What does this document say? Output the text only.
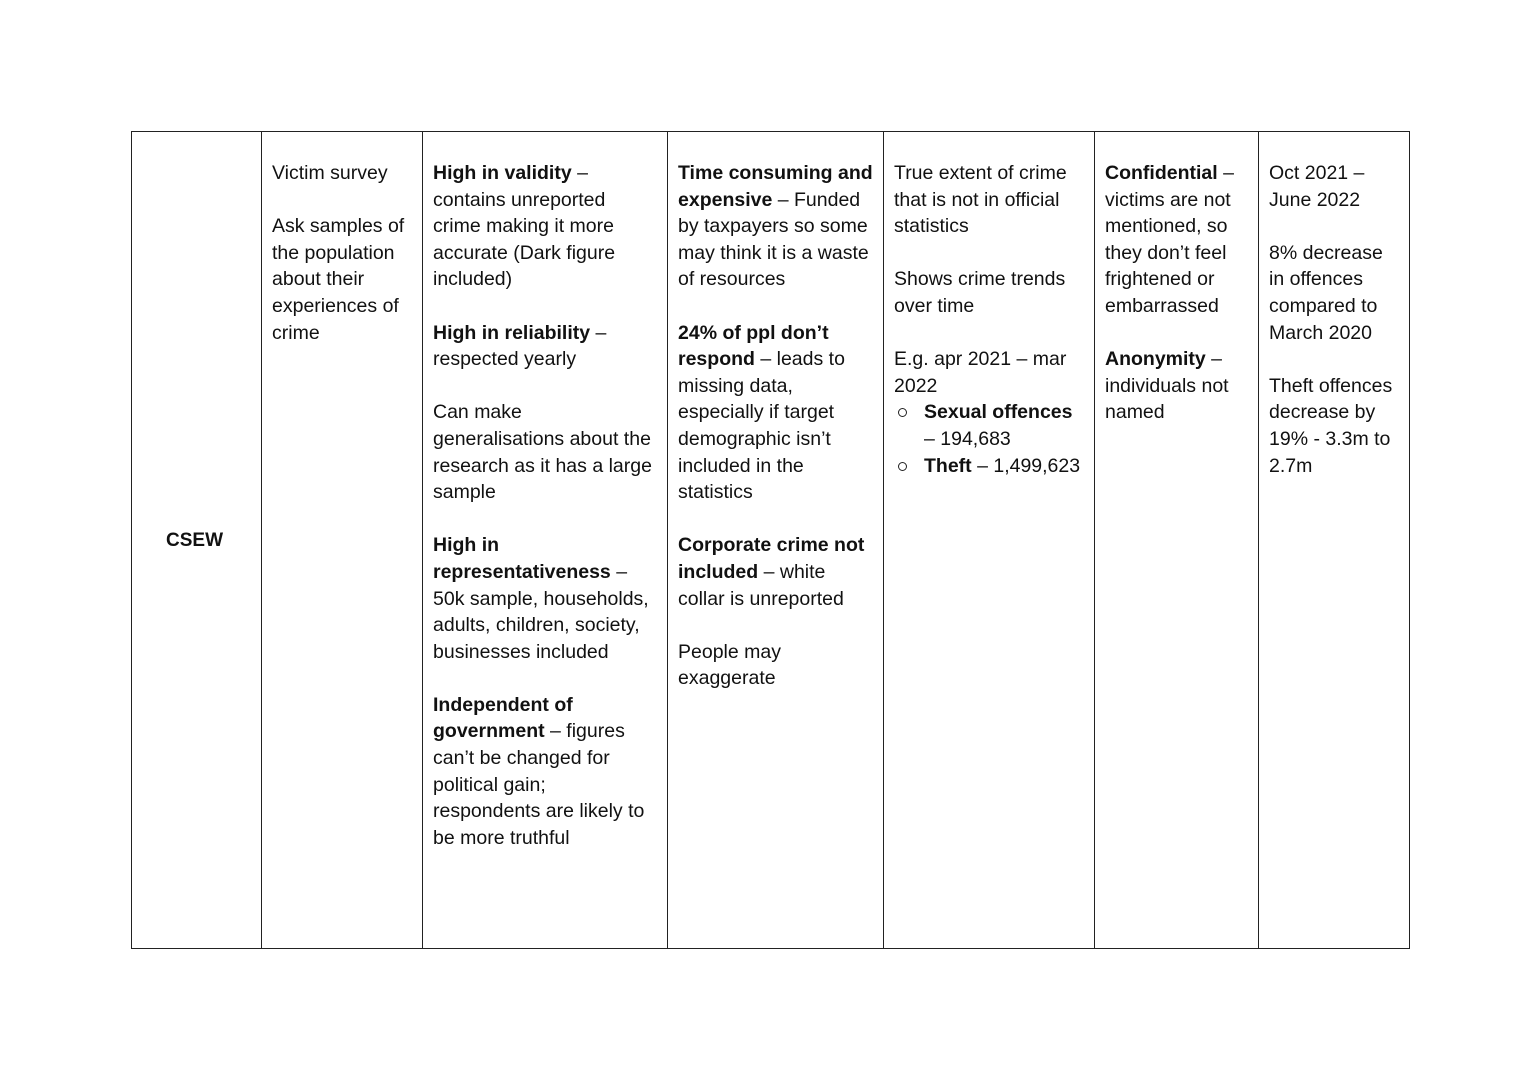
CSEW

Victim survey

Ask samples of the population about their experiences of crime

High in validity – contains unreported crime making it more accurate (Dark figure included)

High in reliability – respected yearly

Can make generalisations about the research as it has a large sample

High in representativeness – 50k sample, households, adults, children, society, businesses included

Independent of government – figures can’t be changed for political gain; respondents are likely to be more truthful

Time consuming and expensive – Funded by taxpayers so some may think it is a waste of resources

24% of ppl don’t respond – leads to missing data, especially if target demographic isn’t included in the statistics

Corporate crime not included – white collar is unreported

People may exaggerate

True extent of crime that is not in official statistics

Shows crime trends over time

E.g. apr 2021 – mar 2022

Sexual offences – 194,683
Theft – 1,499,623

Confidential – victims are not mentioned, so they don’t feel frightened or embarrassed

Anonymity – individuals not named

Oct 2021 – June 2022

8% decrease in offences compared to March 2020

Theft offences decrease by 19% - 3.3m to 2.7m
